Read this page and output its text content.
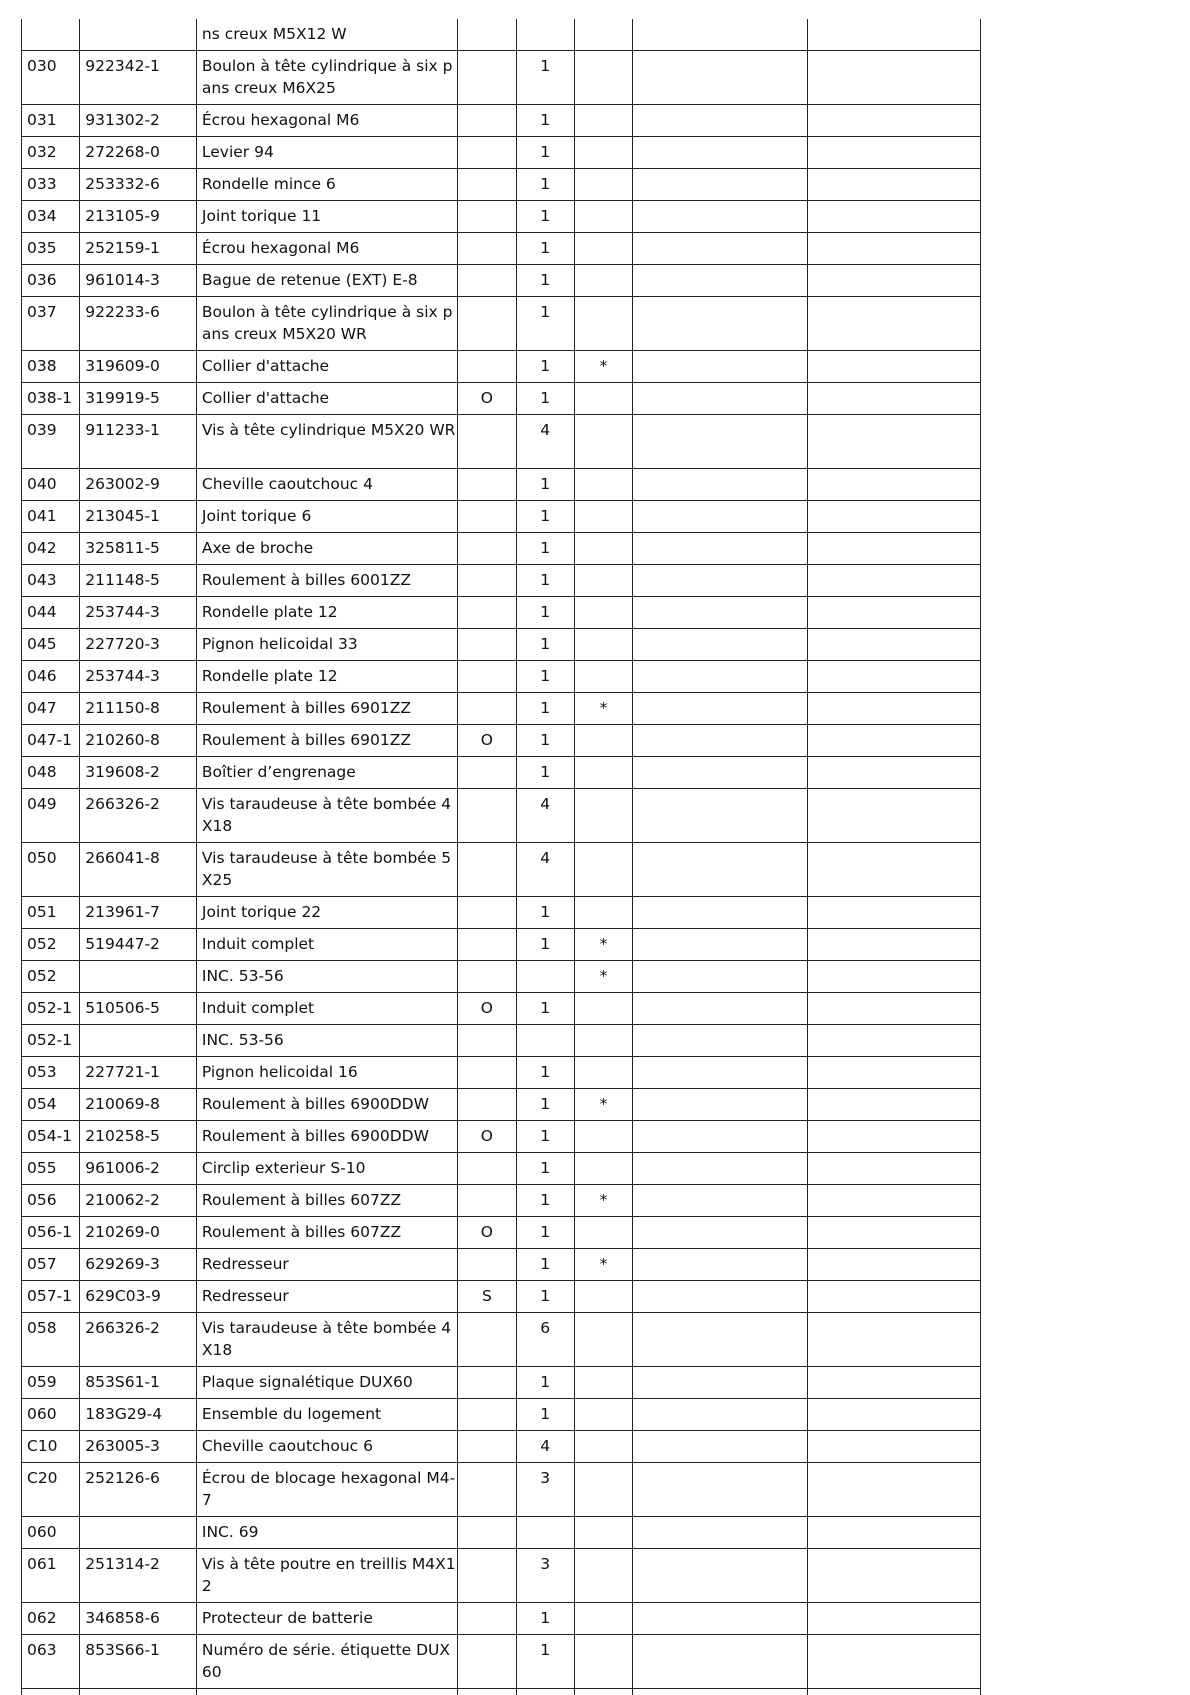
		ns creux M5X12 W					
030	922342-1	Boulon à tête cylindrique à six pans creux M6X25		1			
031	931302-2	Écrou hexagonal M6		1			
032	272268-0	Levier 94		1			
033	253332-6	Rondelle mince 6		1			
034	213105-9	Joint torique 11		1			
035	252159-1	Écrou hexagonal M6		1			
036	961014-3	Bague de retenue (EXT) E-8		1			
037	922233-6	Boulon à tête cylindrique à six pans creux M5X20 WR		1			
038	319609-0	Collier d'attache		1	*		
038-1	319919-5	Collier d'attache	O	1			
039	911233-1	Vis à tête cylindrique M5X20 WR		4			
040	263002-9	Cheville caoutchouc 4		1			
041	213045-1	Joint torique 6		1			
042	325811-5	Axe de broche		1			
043	211148-5	Roulement à billes 6001ZZ		1			
044	253744-3	Rondelle plate 12		1			
045	227720-3	Pignon helicoidal 33		1			
046	253744-3	Rondelle plate 12		1			
047	211150-8	Roulement à billes 6901ZZ		1	*		
047-1	210260-8	Roulement à billes 6901ZZ	O	1			
048	319608-2	Boîtier d’engrenage		1			
049	266326-2	Vis taraudeuse à tête bombée 4X18		4			
050	266041-8	Vis taraudeuse à tête bombée 5X25		4			
051	213961-7	Joint torique 22		1			
052	519447-2	Induit complet		1	*		
052		INC. 53-56			*		
052-1	510506-5	Induit complet	O	1			
052-1		INC. 53-56					
053	227721-1	Pignon helicoidal 16		1			
054	210069-8	Roulement à billes 6900DDW		1	*		
054-1	210258-5	Roulement à billes 6900DDW	O	1			
055	961006-2	Circlip exterieur S-10		1			
056	210062-2	Roulement à billes 607ZZ		1	*		
056-1	210269-0	Roulement à billes 607ZZ	O	1			
057	629269-3	Redresseur		1	*		
057-1	629C03-9	Redresseur	S	1			
058	266326-2	Vis taraudeuse à tête bombée 4X18		6			
059	853S61-1	Plaque signalétique DUX60		1			
060	183G29-4	Ensemble du logement		1			
C10	263005-3	Cheville caoutchouc 6		4			
C20	252126-6	Écrou de blocage hexagonal M4-7		3			
060		INC. 69					
061	251314-2	Vis à tête poutre en treillis M4X12		3			
062	346858-6	Protecteur de batterie		1			
063	853S66-1	Numéro de série. étiquette DUX60		1			
